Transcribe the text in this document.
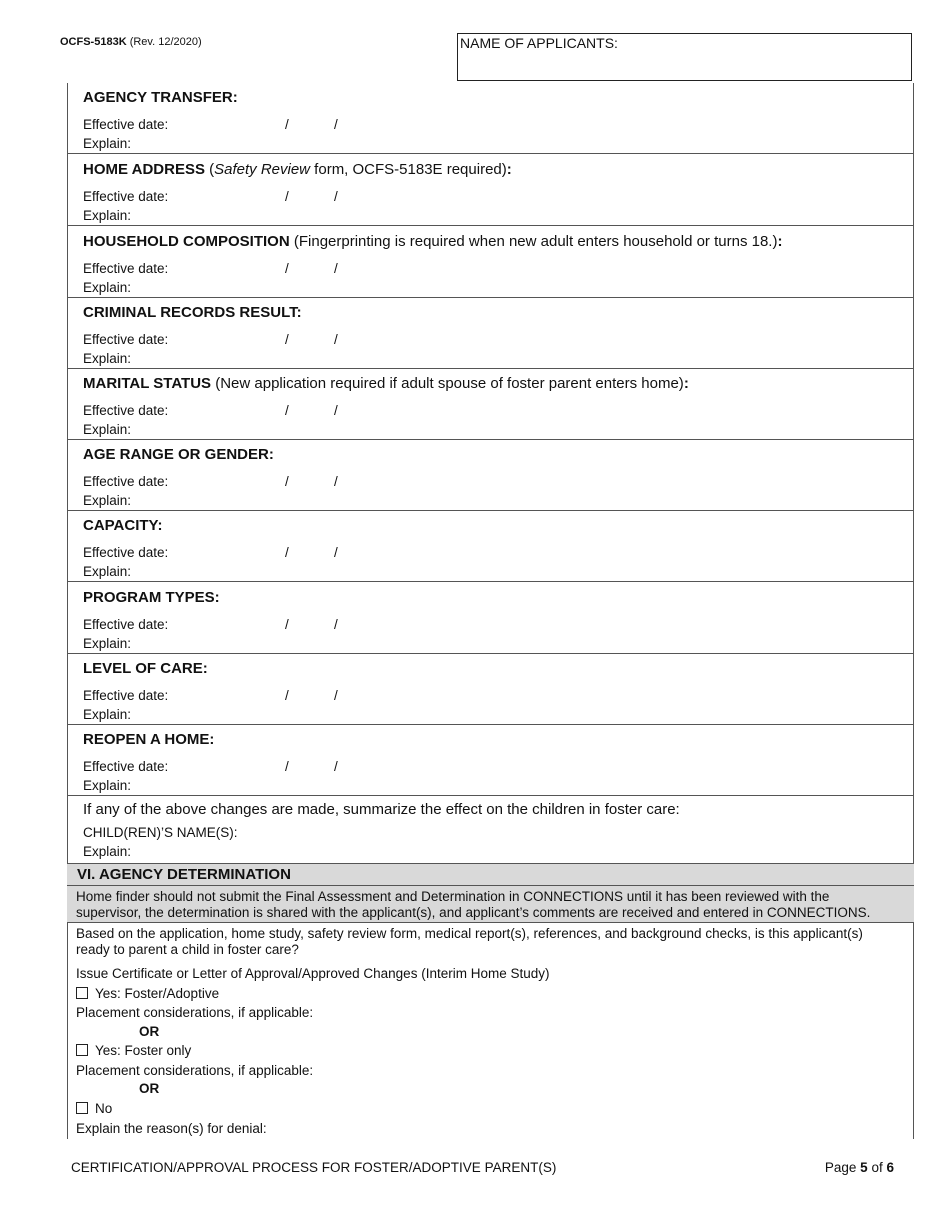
OCFS-5183K (Rev. 12/2020)	NAME OF APPLICANTS:
AGENCY TRANSFER:
Effective date:	/	/
Explain:
HOME ADDRESS (Safety Review form, OCFS-5183E required):
Effective date:	/	/
Explain:
HOUSEHOLD COMPOSITION (Fingerprinting is required when new adult enters household or turns 18.):
Effective date:	/	/
Explain:
CRIMINAL RECORDS RESULT:
Effective date:	/	/
Explain:
MARITAL STATUS (New application required if adult spouse of foster parent enters home):
Effective date:	/	/
Explain:
AGE RANGE OR GENDER:
Effective date:	/	/
Explain:
CAPACITY:
Effective date:	/	/
Explain:
PROGRAM TYPES:
Effective date:	/	/
Explain:
LEVEL OF CARE:
Effective date:	/	/
Explain:
REOPEN A HOME:
Effective date:	/	/
Explain:
If any of the above changes are made, summarize the effect on the children in foster care:
CHILD(REN)’S NAME(S):
Explain:
VI. AGENCY DETERMINATION
Home finder should not submit the Final Assessment and Determination in CONNECTIONS until it has been reviewed with the
supervisor, the determination is shared with the applicant(s), and applicant’s comments are received and entered in CONNECTIONS.
Based on the application, home study, safety review form, medical report(s), references, and background checks, is this applicant(s)
ready to parent a child in foster care?
Issue Certificate or Letter of Approval/Approved Changes (Interim Home Study)
Yes: Foster/Adoptive
Placement considerations, if applicable:
OR
Yes: Foster only
Placement considerations, if applicable:
OR
No
Explain the reason(s) for denial:
CERTIFICATION/APPROVAL PROCESS FOR FOSTER/ADOPTIVE PARENT(S)	Page 5 of 6
